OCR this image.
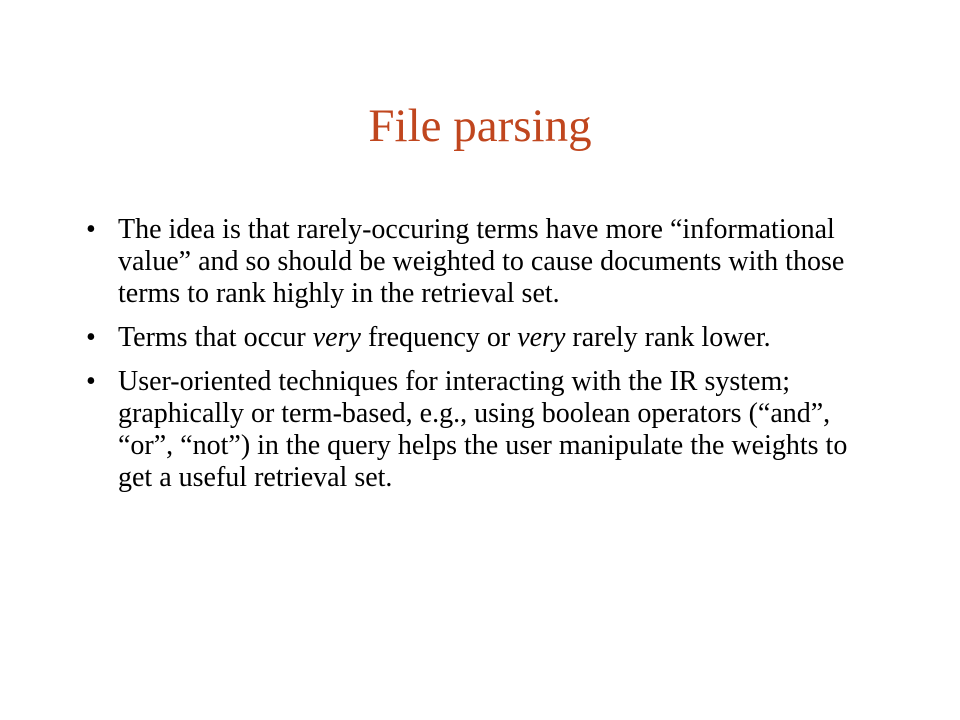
File parsing
• The idea is that rarely-occuring terms have more “informational value” and so should be weighted to cause documents with those terms to rank highly in the retrieval set.
• Terms that occur very frequency or very rarely rank lower.
• User-oriented techniques for interacting with the IR system; graphically or term-based, e.g., using boolean operators (“and”, “or”, “not”) in the query helps the user manipulate the weights to get a useful retrieval set.
